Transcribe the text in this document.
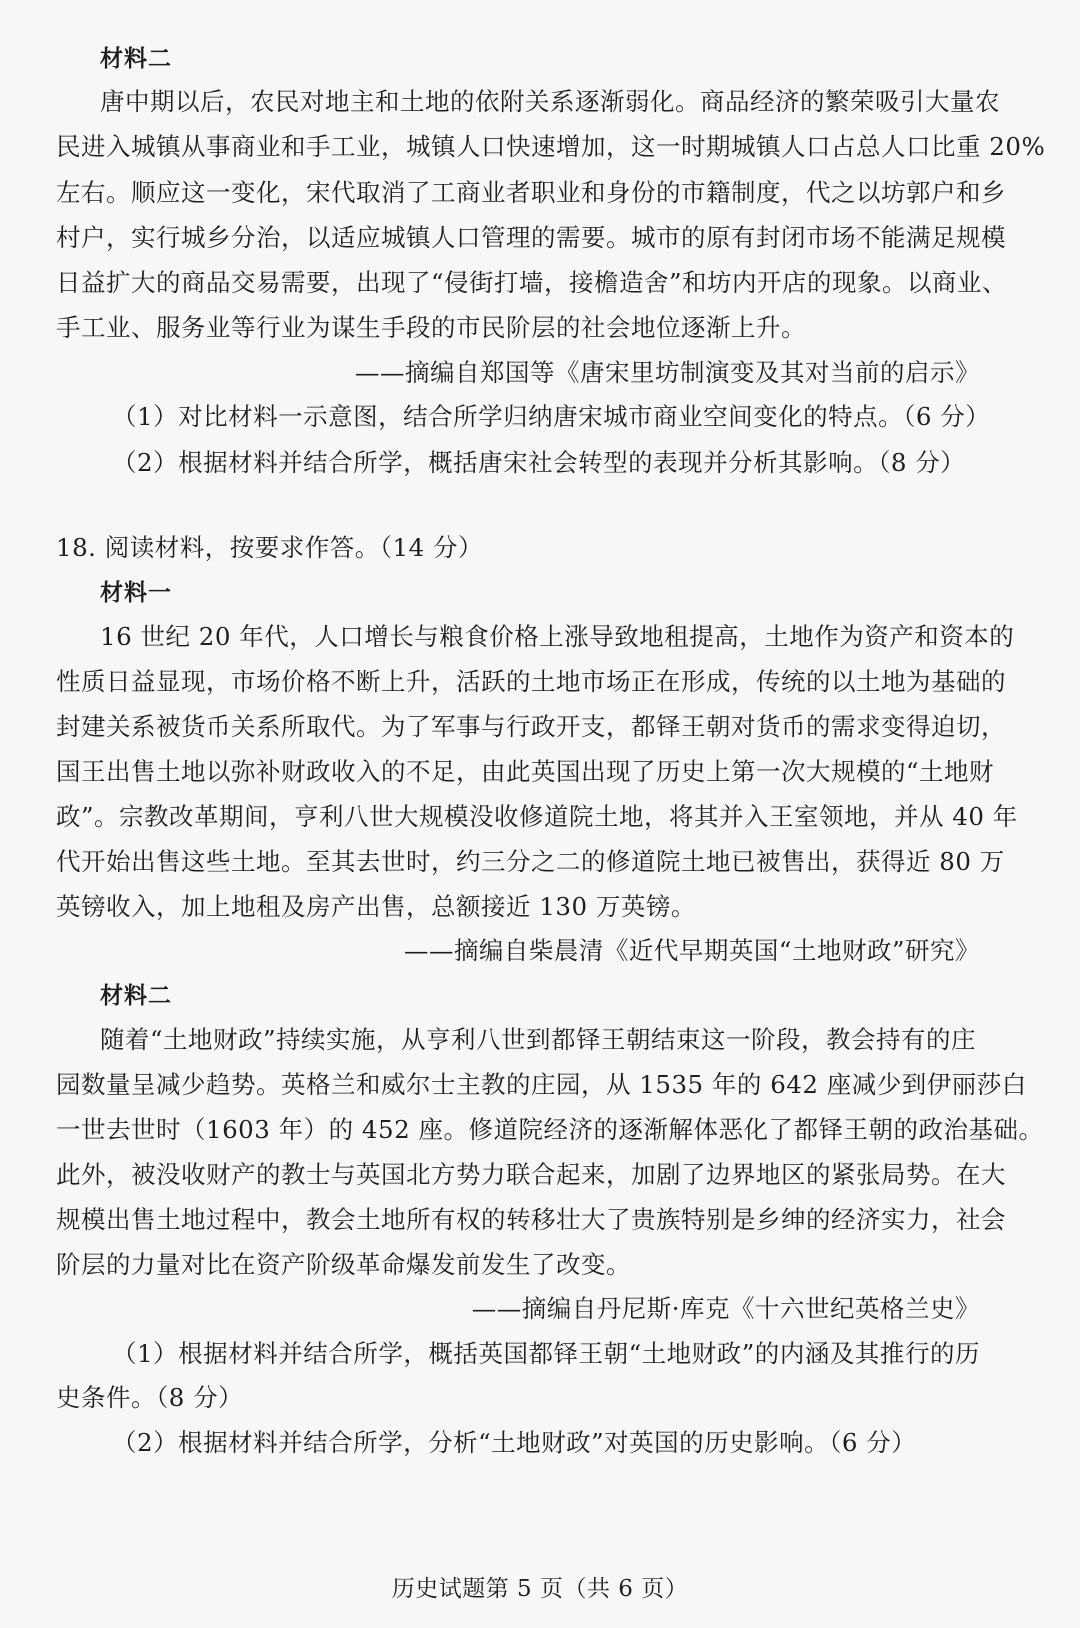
材料二
唐中期以后，农民对地主和土地的依附关系逐渐弱化。商品经济的繁荣吸引大量农
民进入城镇从事商业和手工业，城镇人口快速增加，这一时期城镇人口占总人口比重 20%
左右。顺应这一变化，宋代取消了工商业者职业和身份的市籍制度，代之以坊郭户和乡
村户，实行城乡分治，以适应城镇人口管理的需要。城市的原有封闭市场不能满足规模
日益扩大的商品交易需要，出现了“侵街打墙，接檐造舍”和坊内开店的现象。以商业、
手工业、服务业等行业为谋生手段的市民阶层的社会地位逐渐上升。
——摘编自郑国等《唐宋里坊制演变及其对当前的启示》
（1）对比材料一示意图，结合所学归纳唐宋城市商业空间变化的特点。（6 分）
（2）根据材料并结合所学，概括唐宋社会转型的表现并分析其影响。（8 分）
18. 阅读材料，按要求作答。（14 分）
材料一
16 世纪 20 年代，人口增长与粮食价格上涨导致地租提高，土地作为资产和资本的
性质日益显现，市场价格不断上升，活跃的土地市场正在形成，传统的以土地为基础的
封建关系被货币关系所取代。为了军事与行政开支，都铎王朝对货币的需求变得迫切，
国王出售土地以弥补财政收入的不足，由此英国出现了历史上第一次大规模的“土地财
政”。宗教改革期间，亨利八世大规模没收修道院土地，将其并入王室领地，并从 40 年
代开始出售这些土地。至其去世时，约三分之二的修道院土地已被售出，获得近 80 万
英镑收入，加上地租及房产出售，总额接近 130 万英镑。
——摘编自柴晨清《近代早期英国“土地财政”研究》
材料二
随着“土地财政”持续实施，从亨利八世到都铎王朝结束这一阶段，教会持有的庄
园数量呈减少趋势。英格兰和威尔士主教的庄园，从 1535 年的 642 座减少到伊丽莎白
一世去世时（1603 年）的 452 座。修道院经济的逐渐解体恶化了都铎王朝的政治基础。
此外，被没收财产的教士与英国北方势力联合起来，加剧了边界地区的紧张局势。在大
规模出售土地过程中，教会土地所有权的转移壮大了贵族特别是乡绅的经济实力，社会
阶层的力量对比在资产阶级革命爆发前发生了改变。
——摘编自丹尼斯·库克《十六世纪英格兰史》
（1）根据材料并结合所学，概括英国都铎王朝“土地财政”的内涵及其推行的历
史条件。（8 分）
（2）根据材料并结合所学，分析“土地财政”对英国的历史影响。（6 分）
历史试题第 5 页（共 6 页）
